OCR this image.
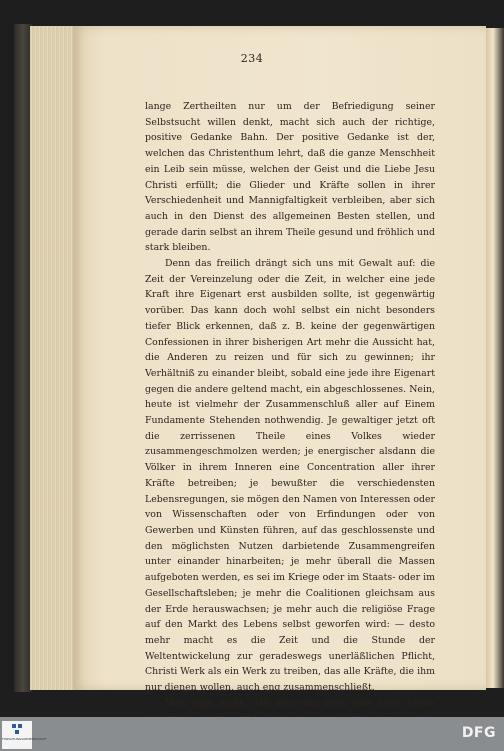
234

lange Zertheilten nur um der Befriedigung seiner Selbstsucht willen denkt, macht sich auch der richtige, positive Gedanke Bahn. Der positive Gedanke ist der, welchen das Christenthum lehrt, daß die ganze Menschheit ein Leib sein müsse, welchen der Geist und die Liebe Jesu Christi erfüllt; die Glieder und Kräfte sollen in ihrer Verschiedenheit und Mannigfaltigkeit verbleiben, aber sich auch in den Dienst des allgemeinen Besten stellen, und gerade darin selbst an ihrem Theile gesund und fröhlich und stark bleiben.

Denn das freilich drängt sich uns mit Gewalt auf: die Zeit der Vereinzelung oder die Zeit, in welcher eine jede Kraft ihre Eigenart erst ausbilden sollte, ist gegenwärtig vorüber. Das kann doch wohl selbst ein nicht besonders tiefer Blick erkennen, daß z. B. keine der gegenwärtigen Confessionen in ihrer bisherigen Art mehr die Aussicht hat, die Anderen zu reizen und für sich zu gewinnen; ihr Verhältniß zu einander bleibt, sobald eine jede ihre Eigenart gegen die andere geltend macht, ein abgeschlossenes. Nein, heute ist vielmehr der Zusammenschluß aller auf Einem Fundamente Stehenden nothwendig. Je gewaltiger jetzt oft die zerrissenen Theile eines Volkes wieder zusammengeschmolzen werden; je energischer alsdann die Völker in ihrem Inneren eine Concentration aller ihrer Kräfte betreiben; je bewußter die verschiedensten Lebensregungen, sie mögen den Namen von Interessen oder von Wissenschaften oder von Erfindungen oder von Gewerben und Künsten führen, auf das geschlossenste und den möglichsten Nutzen darbietende Zusammengreifen unter einander hinarbeiten; je mehr überall die Massen aufgeboten werden, es sei im Kriege oder im Staats- oder im Gesellschaftsleben; je mehr die Coalitionen gleichsam aus der Erde herauswachsen; je mehr auch die religiöse Frage auf den Markt des Lebens selbst geworfen wird: — desto mehr macht es die Zeit und die Stunde der Weltentwickelung zur geradeswegs unerläßlichen Pflicht, Christi Werk als ein Werk zu treiben, das alle Kräfte, die ihm nur dienen wollen, auch eng zusammenschließt.

Man sage nicht, daß also nun doch eine neue Union

FORSCHUNGSGEMEINSCHAFT	DFG
